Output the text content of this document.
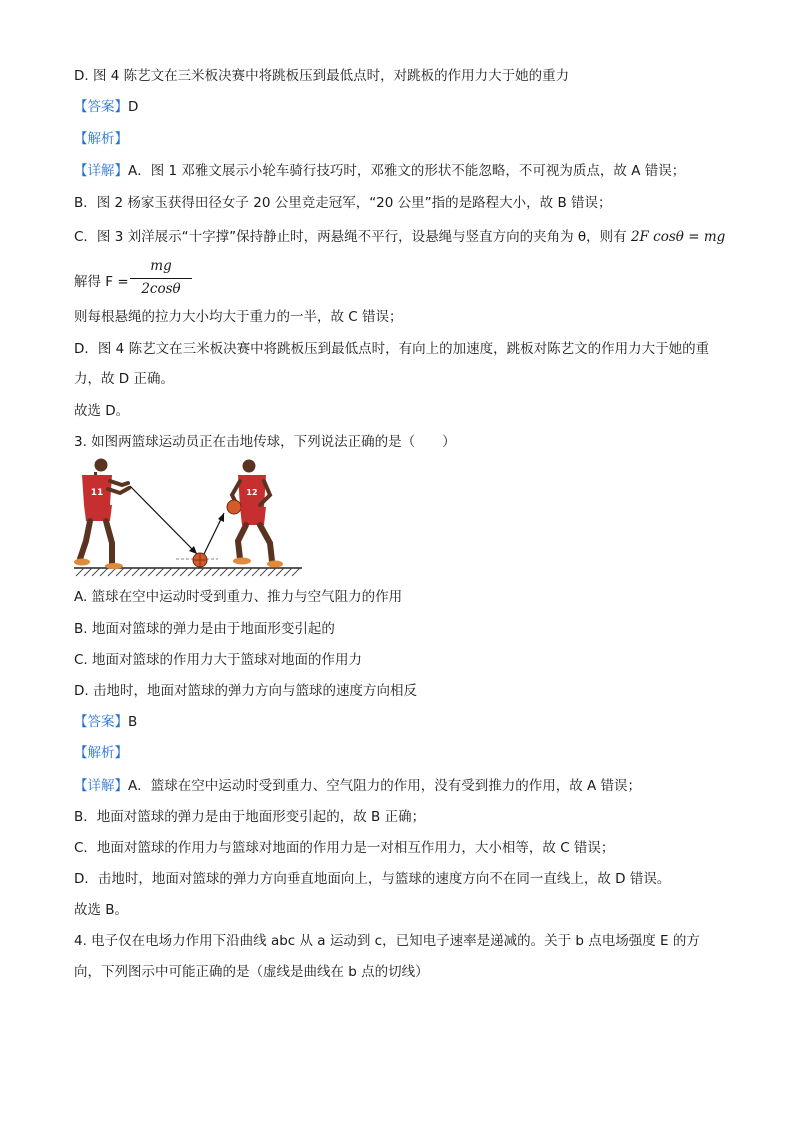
D. 图 4 陈艺文在三米板决赛中将跳板压到最低点时，对跳板的作用力大于她的重力
【答案】D
【解析】
【详解】A．图 1 邓雅文展示小轮车骑行技巧时，邓雅文的形状不能忽略，不可视为质点，故 A 错误；
B．图 2 杨家玉获得田径女子 20 公里竞走冠军，“20 公里”指的是路程大小，故 B 错误；
C．图 3 刘洋展示“十字撑”保持静止时，两悬绳不平行，设悬绳与竖直方向的夹角为 θ，则有 2F cosθ = mg
解得 F =
mg
2cosθ
则每根悬绳的拉力大小均大于重力的一半，故 C 错误；
D．图 4 陈艺文在三米板决赛中将跳板压到最低点时，有向上的加速度，跳板对陈艺文的作用力大于她的重
力，故 D 正确。
故选 D。
3. 如图两篮球运动员正在击地传球，下列说法正确的是（　　）
11	12
A. 篮球在空中运动时受到重力、推力与空气阻力的作用
B. 地面对篮球的弹力是由于地面形变引起的
C. 地面对篮球的作用力大于篮球对地面的作用力
D. 击地时，地面对篮球的弹力方向与篮球的速度方向相反
【答案】B
【解析】
【详解】A．篮球在空中运动时受到重力、空气阻力的作用，没有受到推力的作用，故 A 错误；
B．地面对篮球的弹力是由于地面形变引起的，故 B 正确；
C．地面对篮球的作用力与篮球对地面的作用力是一对相互作用力，大小相等，故 C 错误；
D．击地时，地面对篮球的弹力方向垂直地面向上，与篮球的速度方向不在同一直线上，故 D 错误。
故选 B。
4. 电子仅在电场力作用下沿曲线 abc 从 a 运动到 c，已知电子速率是递减的。关于 b 点电场强度 E 的方
向，下列图示中可能正确的是（虚线是曲线在 b 点的切线）
